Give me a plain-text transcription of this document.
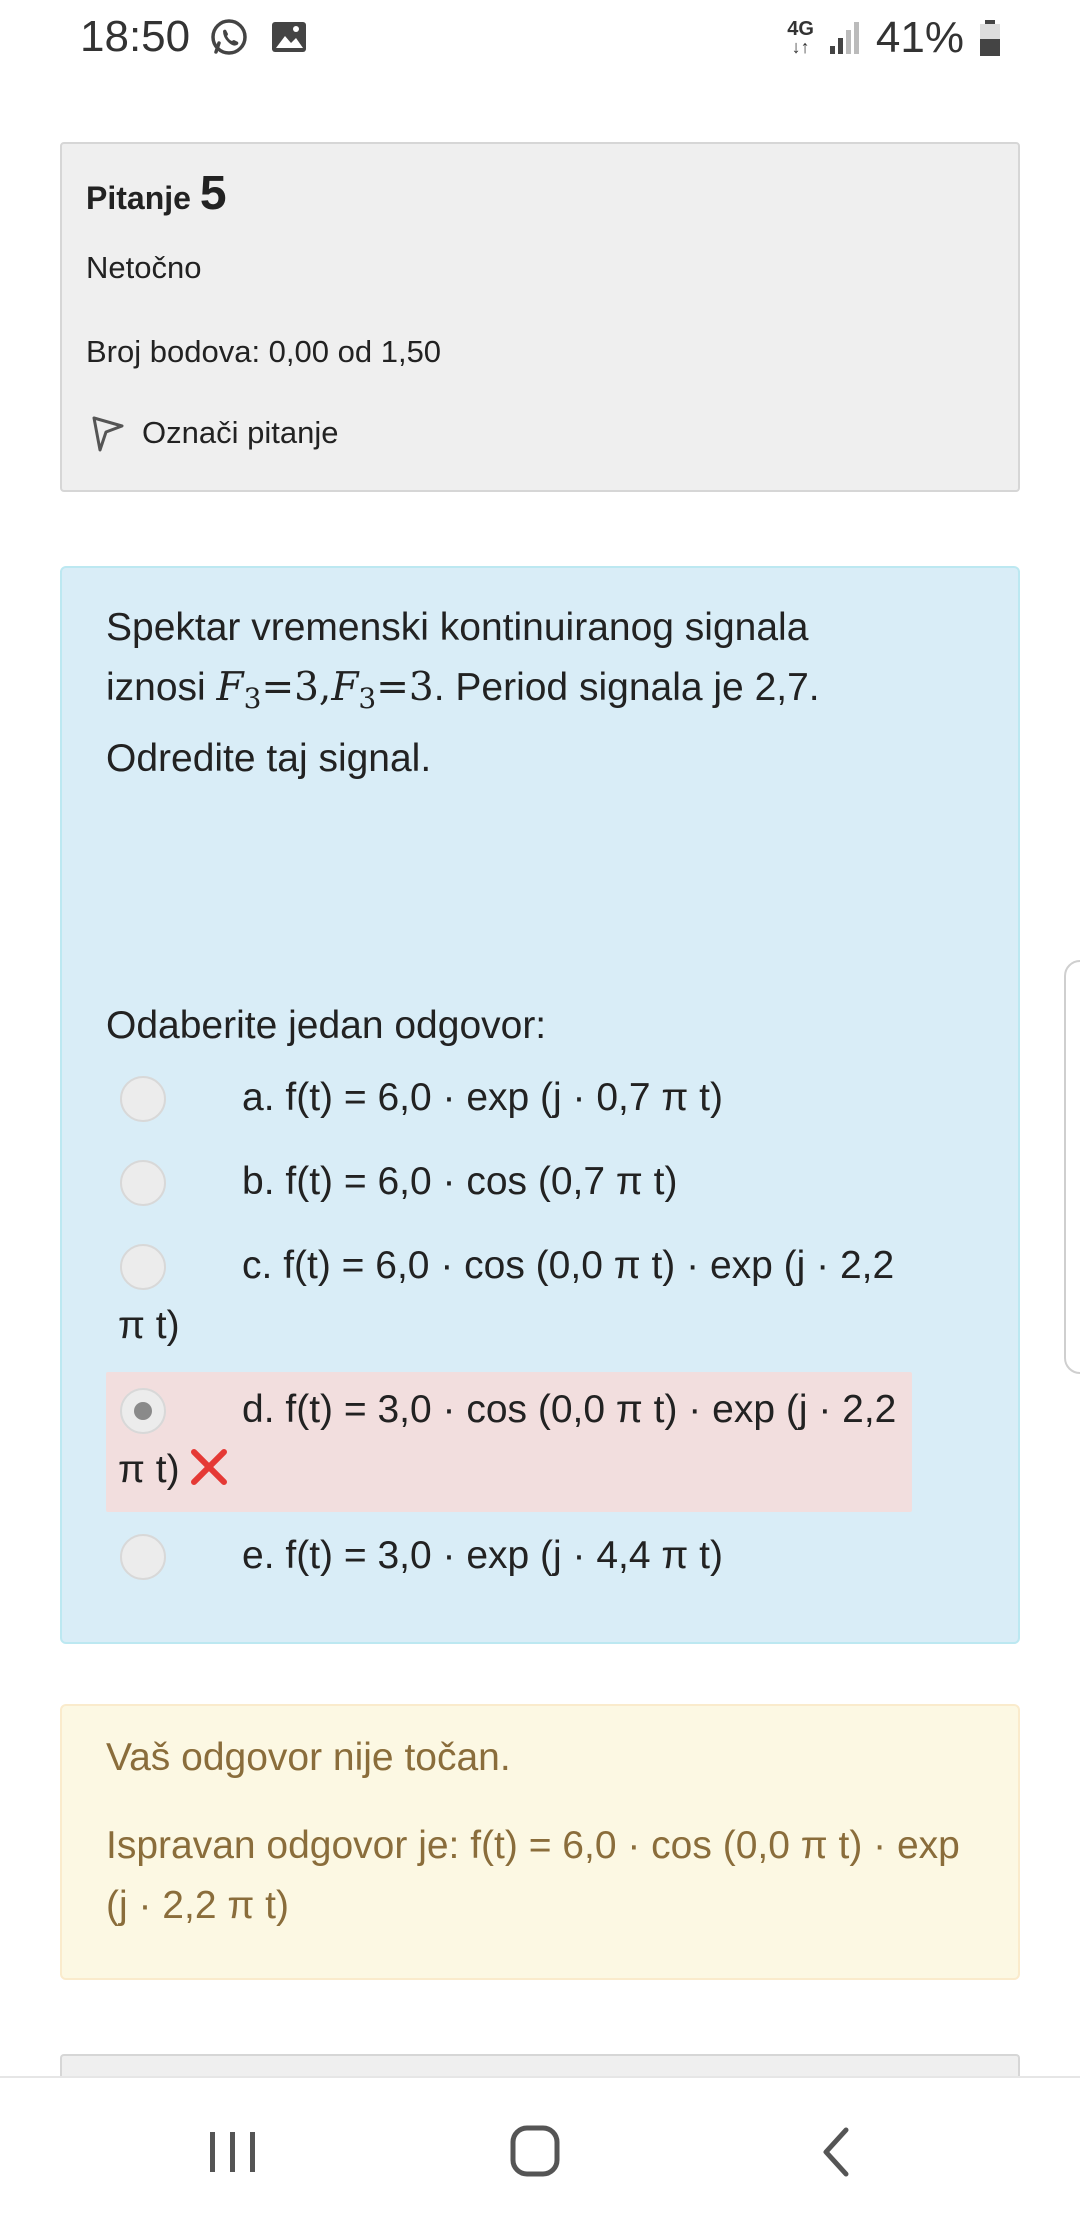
18:50	4G
↓↑ 41%
Pitanje 5
Netočno
Broj bodova: 0,00 od 1,50
Označi pitanje
Spektar vremenski kontinuiranog signala
iznosi $F_3=3,F_3=3$. Period signala je 2,7. Odredite taj signal.
Odaberite jedan odgovor:
a. f(t) = 6,0 · exp (j · 0,7 π t)
b. f(t) = 6,0 · cos (0,7 π t)
c. f(t) = 6,0 · cos (0,0 π t) · exp (j · 2,2 π t)
d. f(t) = 3,0 · cos (0,0 π t) · exp (j · 2,2 π t)
e. f(t) = 3,0 · exp (j · 4,4 π t)
Vaš odgovor nije točan.
Ispravan odgovor je: f(t) = 6,0 · cos (0,0 π t) · exp (j · 2,2 π t)
